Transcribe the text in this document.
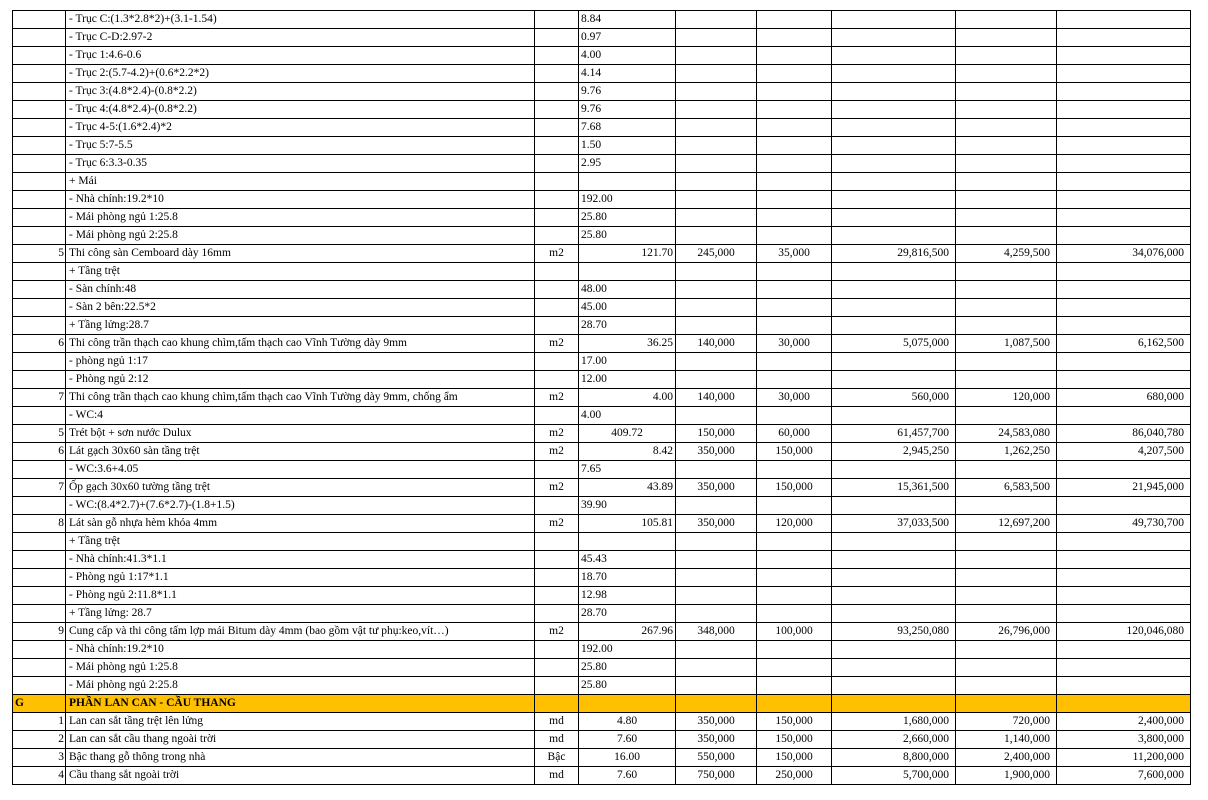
	- Trục C:(1.3*2.8*2)+(3.1-1.54)		8.84					
	- Trục C-D:2.97-2		0.97					
	- Trục 1:4.6-0.6		4.00					
	- Trục 2:(5.7-4.2)+(0.6*2.2*2)		4.14					
	- Trục 3:(4.8*2.4)-(0.8*2.2)		9.76					
	- Trục 4:(4.8*2.4)-(0.8*2.2)		9.76					
	- Trục 4-5:(1.6*2.4)*2		7.68					
	- Trục 5:7-5.5		1.50					
	- Trục 6:3.3-0.35		2.95					
	+ Mái							
	- Nhà chính:19.2*10		192.00					
	- Mái phòng ngủ 1:25.8		25.80					
	- Mái phòng ngủ 2:25.8		25.80					
5	Thi công sàn Cemboard dày 16mm	m2	121.70	245,000	35,000	29,816,500	4,259,500	34,076,000
	+ Tầng trệt							
	- Sàn chính:48		48.00					
	- Sàn 2 bên:22.5*2		45.00					
	+ Tầng lửng:28.7		28.70					
6	Thi công trần thạch cao khung chìm,tấm thạch cao Vĩnh Tường dày 9mm	m2	36.25	140,000	30,000	5,075,000	1,087,500	6,162,500
	- phòng ngủ 1:17		17.00					
	- Phòng ngủ 2:12		12.00					
7	Thi công trần thạch cao khung chìm,tấm thạch cao Vĩnh Tường dày 9mm, chống ẩm	m2	4.00	140,000	30,000	560,000	120,000	680,000
	- WC:4		4.00					
5	Trét bột + sơn nước Dulux	m2	409.72	150,000	60,000	61,457,700	24,583,080	86,040,780
6	Lát gạch 30x60 sàn tầng trệt	m2	8.42	350,000	150,000	2,945,250	1,262,250	4,207,500
	- WC:3.6+4.05		7.65					
7	Ốp gạch 30x60 tường tầng trệt	m2	43.89	350,000	150,000	15,361,500	6,583,500	21,945,000
	- WC:(8.4*2.7)+(7.6*2.7)-(1.8+1.5)		39.90					
8	Lát sàn gỗ nhựa hèm khóa 4mm	m2	105.81	350,000	120,000	37,033,500	12,697,200	49,730,700
	+ Tầng trệt							
	- Nhà chính:41.3*1.1		45.43					
	- Phòng ngủ 1:17*1.1		18.70					
	- Phòng ngủ 2:11.8*1.1		12.98					
	+ Tầng lửng: 28.7		28.70					
9	Cung cấp và thi công tấm lợp mái Bitum dày 4mm (bao gồm vật tư phụ:keo,vít…)	m2	267.96	348,000	100,000	93,250,080	26,796,000	120,046,080
	- Nhà chính:19.2*10		192.00					
	- Mái phòng ngủ 1:25.8		25.80					
	- Mái phòng ngủ 2:25.8		25.80					
G	PHẦN LAN CAN - CẦU THANG							
1	Lan can sắt tầng trệt lên lửng	md	4.80	350,000	150,000	1,680,000	720,000	2,400,000
2	Lan can sắt cầu thang ngoài trời	md	7.60	350,000	150,000	2,660,000	1,140,000	3,800,000
3	Bậc thang gỗ thông trong nhà	Bậc	16.00	550,000	150,000	8,800,000	2,400,000	11,200,000
4	Cầu thang sắt ngoài trời	md	7.60	750,000	250,000	5,700,000	1,900,000	7,600,000
